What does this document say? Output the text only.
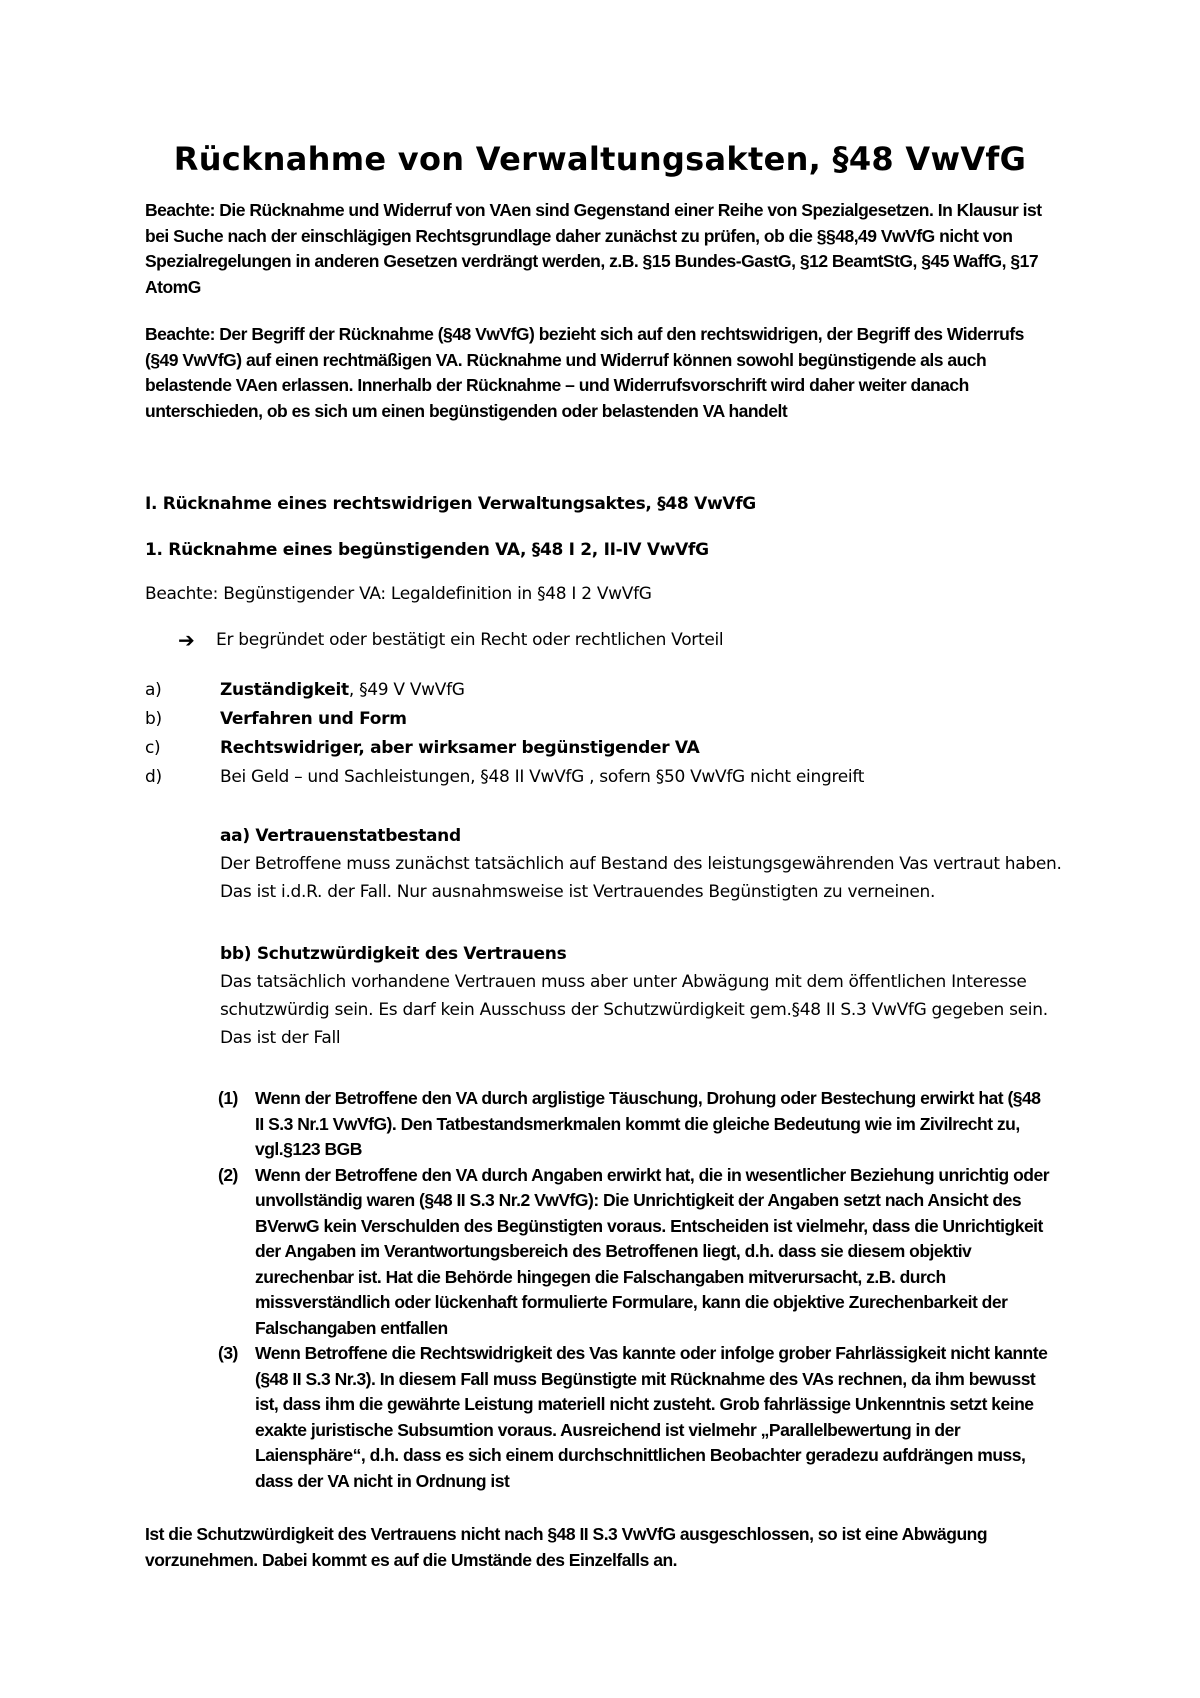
Rücknahme von Verwaltungsakten, §48 VwVfG

Beachte: Die Rücknahme und Widerruf von VAen sind Gegenstand einer Reihe von Spezialgesetzen. In Klausur ist bei Suche nach der einschlägigen Rechtsgrundlage daher zunächst zu prüfen, ob die §§48,49 VwVfG nicht von Spezialregelungen in anderen Gesetzen verdrängt werden, z.B. §15 Bundes-GastG, §12 BeamtStG, §45 WaffG, §17 AtomG

Beachte: Der Begriff der Rücknahme (§48 VwVfG) bezieht sich auf den rechtswidrigen, der Begriff des Widerrufs (§49 VwVfG) auf einen rechtmäßigen VA. Rücknahme und Widerruf können sowohl begünstigende als auch belastende VAen erlassen. Innerhalb der Rücknahme – und Widerrufsvorschrift wird daher weiter danach unterschieden, ob es sich um einen begünstigenden oder belastenden VA handelt

I. Rücknahme eines rechtswidrigen Verwaltungsaktes, §48 VwVfG

1. Rücknahme eines begünstigenden VA, §48 I 2, II-IV VwVfG

Beachte: Begünstigender VA: Legaldefinition in §48 I 2 VwVfG

➔	Er begründet oder bestätigt ein Recht oder rechtlichen Vorteil
a)	Zuständigkeit, §49 V VwVfG
b)	Verfahren und Form
c)	Rechtswidriger, aber wirksamer begünstigender VA
d)	Bei Geld – und Sachleistungen, §48 II VwVfG , sofern §50 VwVfG nicht eingreift

aa) Vertrauenstatbestand

Der Betroffene muss zunächst tatsächlich auf Bestand des leistungsgewährenden Vas vertraut haben. Das ist i.d.R. der Fall. Nur ausnahmsweise ist Vertrauendes Begünstigten zu verneinen.

bb) Schutzwürdigkeit des Vertrauens

Das tatsächlich vorhandene Vertrauen muss aber unter Abwägung mit dem öffentlichen Interesse schutzwürdig sein. Es darf kein Ausschuss der Schutzwürdigkeit gem.§48 II S.3 VwVfG gegeben sein. Das ist der Fall

(1) Wenn der Betroffene den VA durch arglistige Täuschung, Drohung oder Bestechung erwirkt hat (§48 II S.3 Nr.1 VwVfG). Den Tatbestandsmerkmalen kommt die gleiche Bedeutung wie im Zivilrecht zu, vgl.§123 BGB
(2) Wenn der Betroffene den VA durch Angaben erwirkt hat, die in wesentlicher Beziehung unrichtig oder unvollständig waren (§48 II S.3 Nr.2 VwVfG): Die Unrichtigkeit der Angaben setzt nach Ansicht des BVerwG kein Verschulden des Begünstigten voraus. Entscheiden ist vielmehr, dass die Unrichtigkeit der Angaben im Verantwortungsbereich des Betroffenen liegt, d.h. dass sie diesem objektiv zurechenbar ist. Hat die Behörde hingegen die Falschangaben mitverursacht, z.B. durch missverständlich oder lückenhaft formulierte Formulare, kann die objektive Zurechenbarkeit der Falschangaben entfallen
(3) Wenn Betroffene die Rechtswidrigkeit des Vas kannte oder infolge grober Fahrlässigkeit nicht kannte (§48 II S.3 Nr.3). In diesem Fall muss Begünstigte mit Rücknahme des VAs rechnen, da ihm bewusst ist, dass ihm die gewährte Leistung materiell nicht zusteht. Grob fahrlässige Unkenntnis setzt keine exakte juristische Subsumtion voraus. Ausreichend ist vielmehr „Parallelbewertung in der Laiensphäre“, d.h. dass es sich einem durchschnittlichen Beobachter geradezu aufdrängen muss, dass der VA nicht in Ordnung ist

Ist die Schutzwürdigkeit des Vertrauens nicht nach §48 II S.3 VwVfG ausgeschlossen, so ist eine Abwägung vorzunehmen. Dabei kommt es auf die Umstände des Einzelfalls an.
